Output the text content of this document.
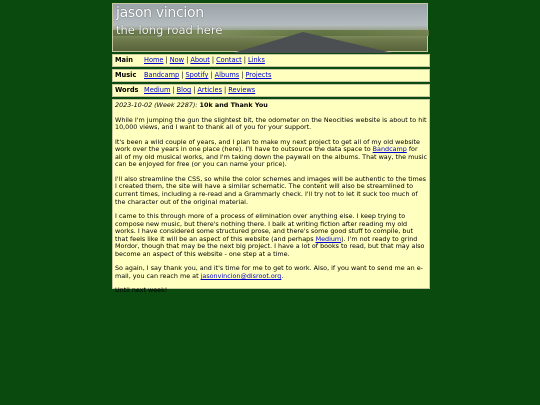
jason vincion
the long road here
Main	Home | Now | About | Contact | Links
Music	Bandcamp | Spotify | Albums | Projects
Words Medium | Blog | Articles | Reviews

2023-10-02 (Week 2287): 10k and Thank You

While I'm jumping the gun the slightest bit, the odometer on the Neocities website is about to hit 10,000 views, and I want to thank all of you for your support.

It's been a wild couple of years, and I plan to make my next project to get all of my old website work over the years in one place (here). I'll have to outsource the data space to Bandcamp for all of my old musical works, and I'm taking down the paywall on the albums. That way, the music can be enjoyed for free (or you can name your price).

I'll also streamline the CSS, so while the color schemes and images will be authentic to the times I created them, the site will have a similar schematic. The content will also be streamlined to current times, including a re-read and a Grammarly check. I'll try not to let it suck too much of the character out of the original material.

I came to this through more of a process of elimination over anything else. I keep trying to compose new music, but there's nothing there. I balk at writing fiction after reading my old works. I have considered some structured prose, and there's some good stuff to compile, but that feels like it will be an aspect of this website (and perhaps Medium). I'm not ready to grind Mordor, though that may be the next big project. I have a lot of books to read, but that may also become an aspect of this website - one step at a time.

So again, I say thank you, and it's time for me to get to work. Also, if you want to send me an e-mail, you can reach me at jasonvincion@disroot.org.

Until next week!
